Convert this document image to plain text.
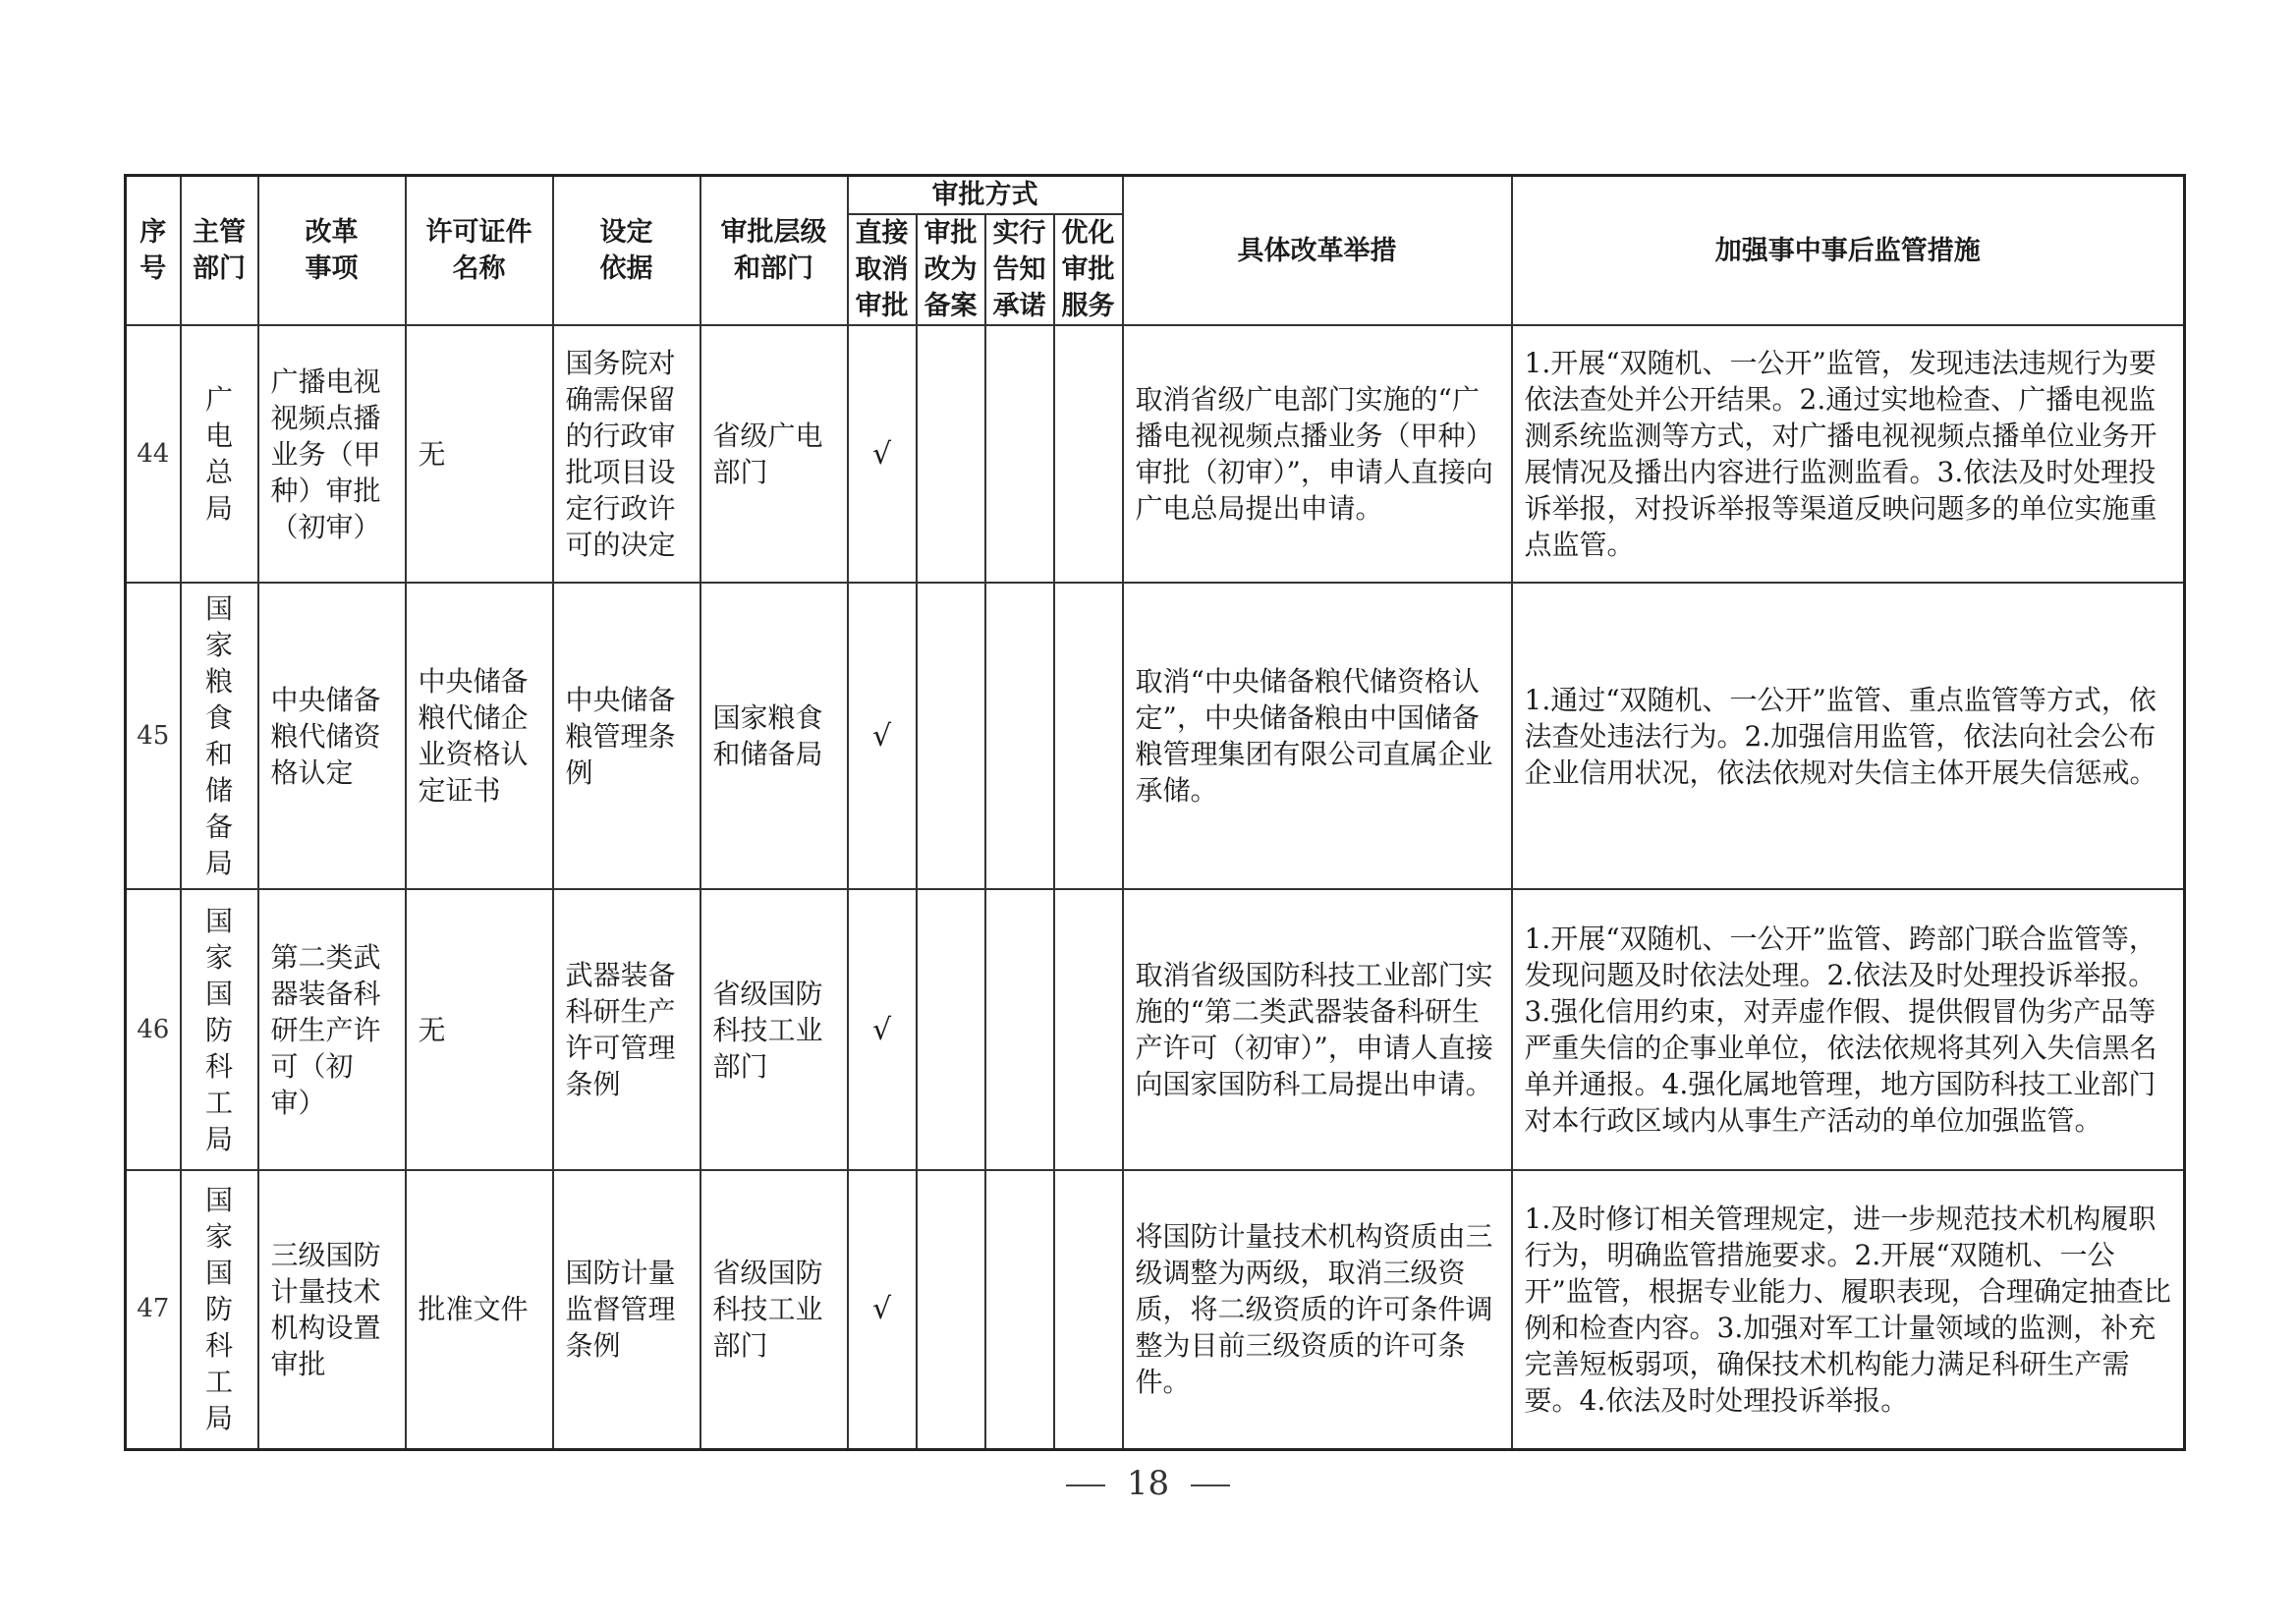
序号	主管部门	改革事项	许可证件名称	设定依据	审批层级和部门	审批方式				具体改革举措	加强事中事后监管措施
						直接取消审批	审批改为备案	实行告知承诺	优化审批服务		
44	广电总局	广播电视视频点播业务（甲种）审批（初审）	无	国务院对确需保留的行政审批项目设定行政许可的决定	省级广电部门	√				取消省级广电部门实施的“广播电视视频点播业务（甲种）审批（初审）”，申请人直接向广电总局提出申请。	1.开展“双随机、一公开”监管，发现违法违规行为要依法查处并公开结果。2.通过实地检查、广播电视监测系统监测等方式，对广播电视视频点播单位业务开展情况及播出内容进行监测监看。3.依法及时处理投诉举报，对投诉举报等渠道反映问题多的单位实施重点监管。

45	国家粮食和储备局	中央储备粮代储资格认定	中央储备粮代储企业资格认定证书	中央储备粮管理条例	国家粮食和储备局	√				取消“中央储备粮代储资格认定”，中央储备粮由中国储备粮管理集团有限公司直属企业承储。	1.通过“双随机、一公开”监管、重点监管等方式，依法查处违法行为。2.加强信用监管，依法向社会公布企业信用状况，依法依规对失信主体开展失信惩戒。

46	国家国防科工局	第二类武器装备科研生产许可（初审）	无	武器装备科研生产许可管理条例	省级国防科技工业部门	√				取消省级国防科技工业部门实施的“第二类武器装备科研生产许可（初审）”，申请人直接向国家国防科工局提出申请。	1.开展“双随机、一公开”监管、跨部门联合监管等，发现问题及时依法处理。2.依法及时处理投诉举报。3.强化信用约束，对弄虚作假、提供假冒伪劣产品等严重失信的企事业单位，依法依规将其列入失信黑名单并通报。4.强化属地管理，地方国防科技工业部门对本行政区域内从事生产活动的单位加强监管。

47	国家国防科工局	三级国防计量技术机构设置审批	批准文件	国防计量监督管理条例	省级国防科技工业部门	√				将国防计量技术机构资质由三级调整为两级，取消三级资质，将二级资质的许可条件调整为目前三级资质的许可条件。	1.及时修订相关管理规定，进一步规范技术机构履职行为，明确监管措施要求。2.开展“双随机、一公开”监管，根据专业能力、履职表现，合理确定抽查比例和检查内容。3.加强对军工计量领域的监测，补充完善短板弱项，确保技术机构能力满足科研生产需要。4.依法及时处理投诉举报。
18
